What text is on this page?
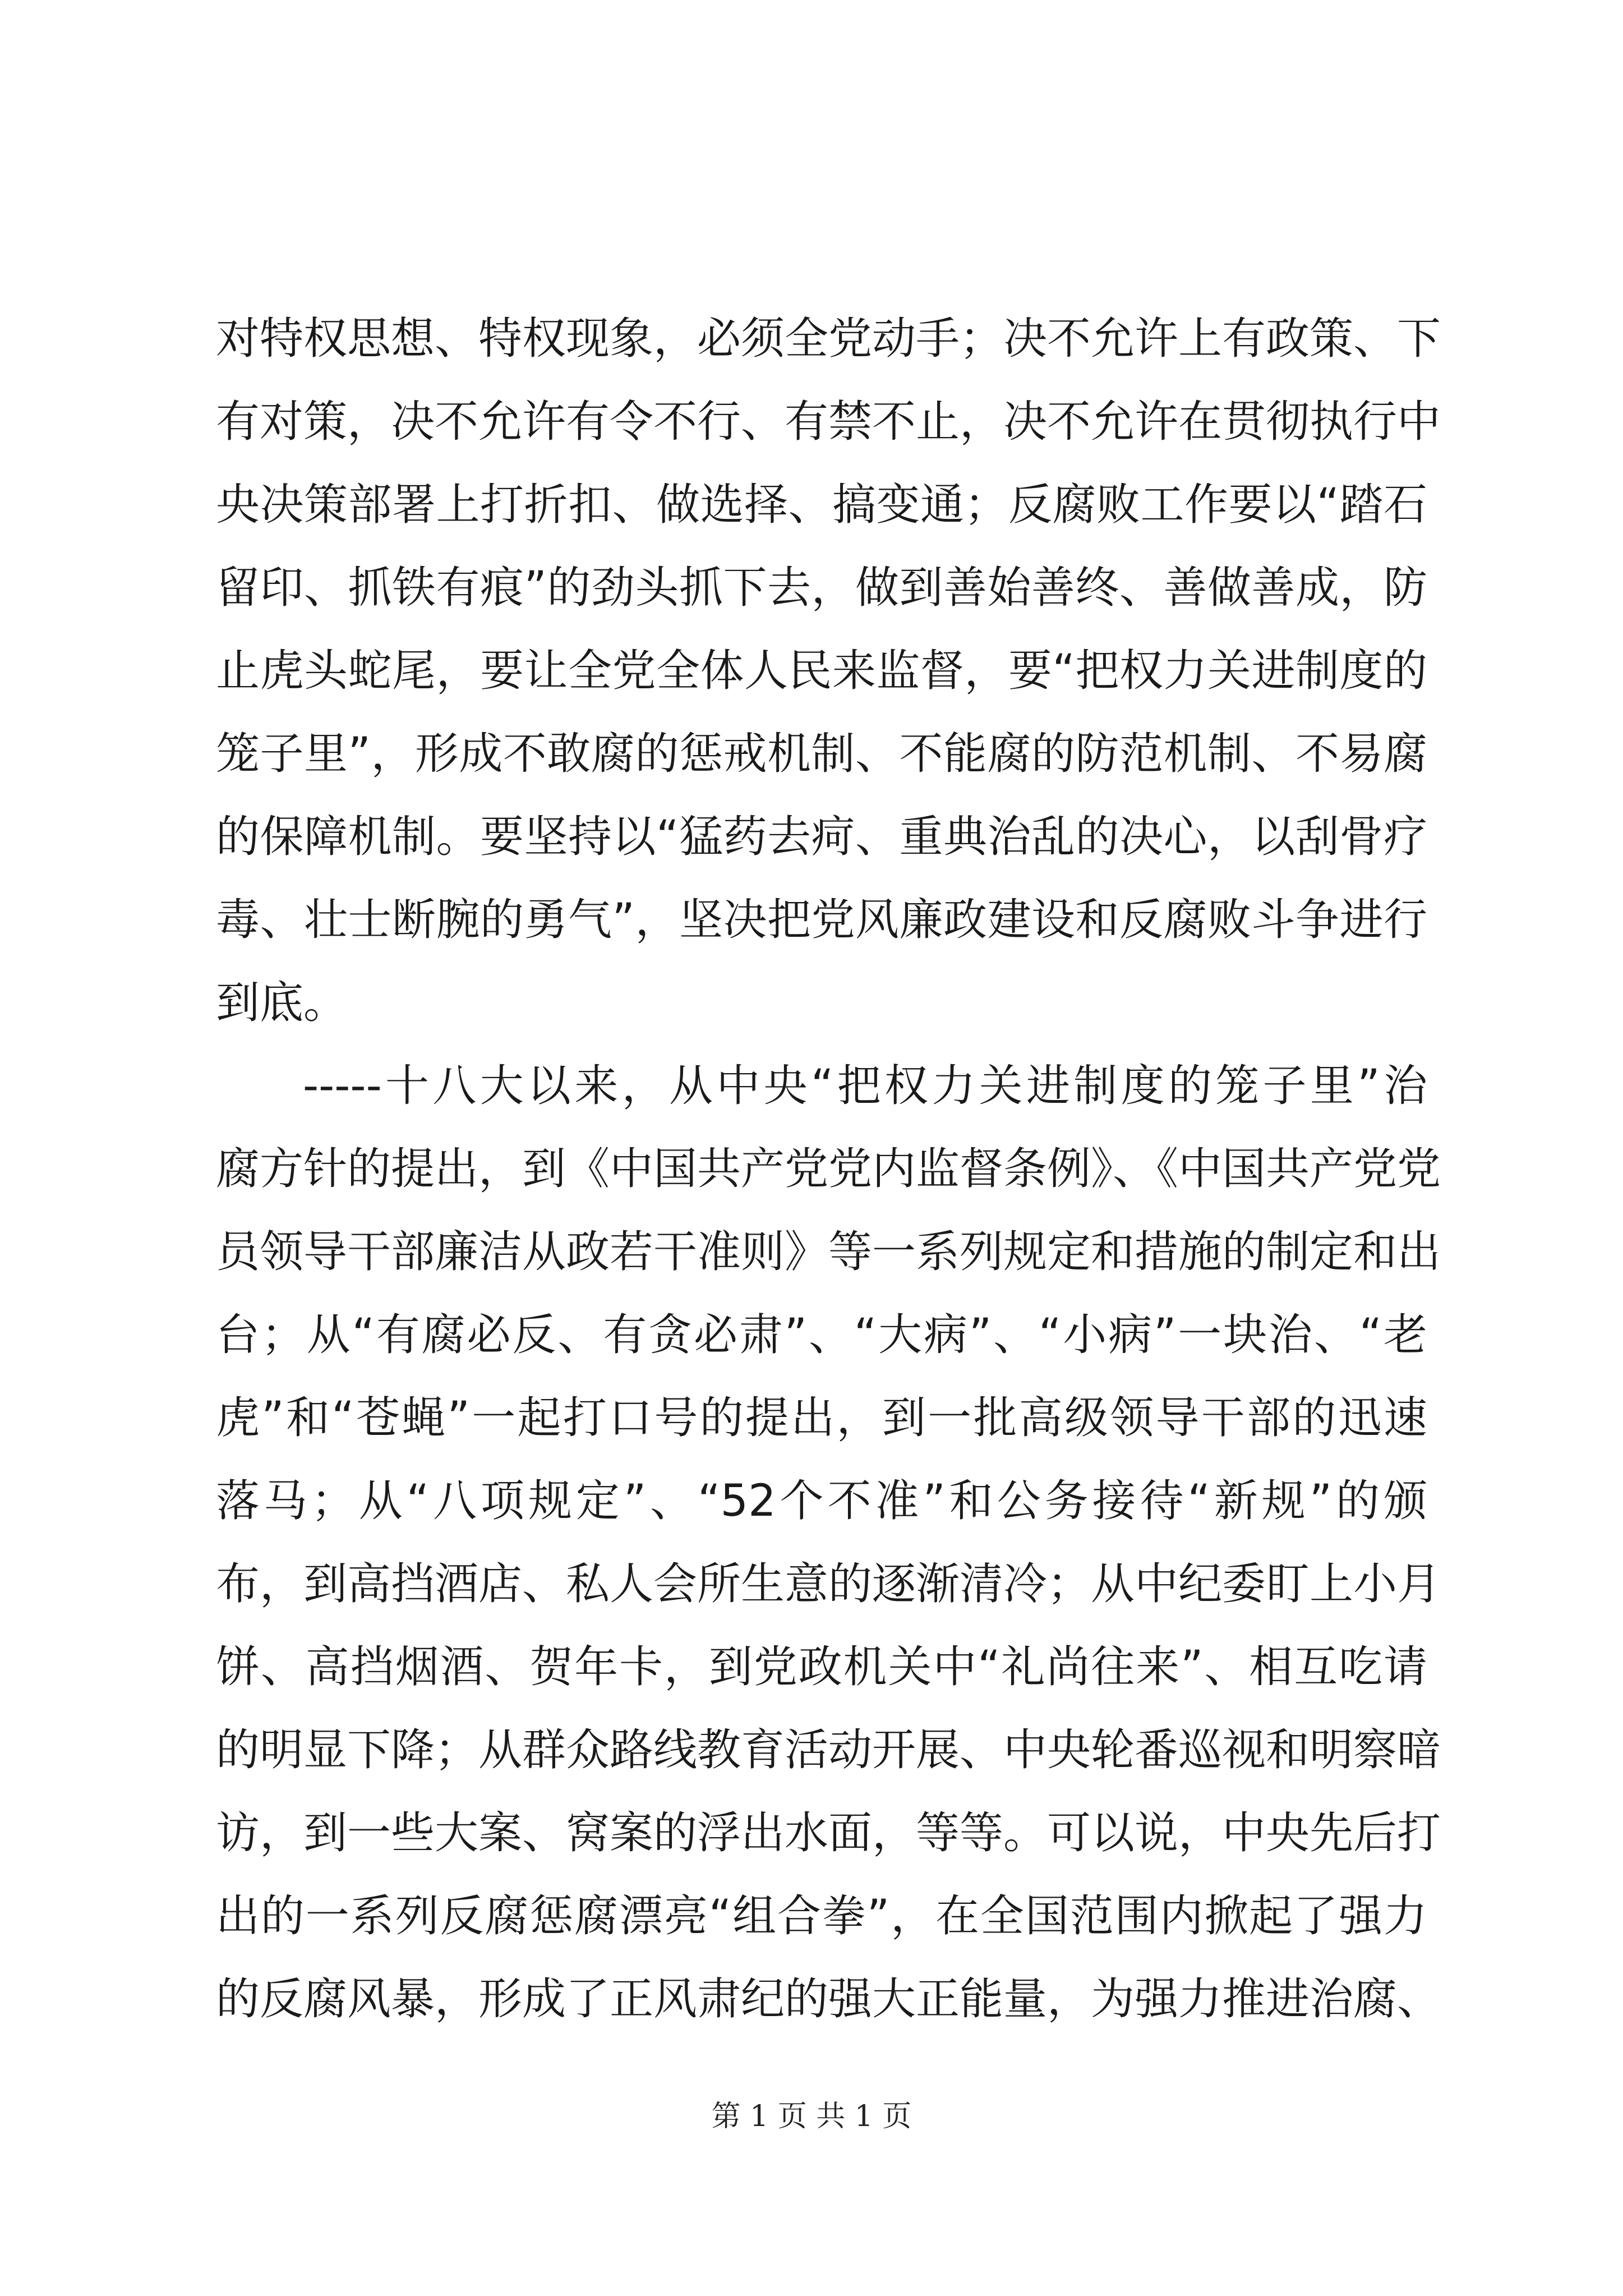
对特权思想、特权现象，必须全党动手；决不允许上有政策、下
有对策，决不允许有令不行、有禁不止，决不允许在贯彻执行中
央决策部署上打折扣、做选择、搞变通；反腐败工作要以“踏石
留印、抓铁有痕”的劲头抓下去，做到善始善终、善做善成，防
止虎头蛇尾，要让全党全体人民来监督，要“把权力关进制度的
笼子里”，形成不敢腐的惩戒机制、不能腐的防范机制、不易腐
的保障机制。要坚持以“猛药去疴、重典治乱的决心，以刮骨疗
毒、壮士断腕的勇气”，坚决把党风廉政建设和反腐败斗争进行
到底。
-----十八大以来，从中央“把权力关进制度的笼子里”治
腐方针的提出，到《中国共产党党内监督条例》、《中国共产党党
员领导干部廉洁从政若干准则》等一系列规定和措施的制定和出
台；从“有腐必反、有贪必肃”、“大病”、“小病”一块治、“老
虎”和“苍蝇”一起打口号的提出，到一批高级领导干部的迅速
落马；从“八项规定”、“52个不准”和公务接待“新规”的颁
布，到高挡酒店、私人会所生意的逐渐清冷；从中纪委盯上小月
饼、高挡烟酒、贺年卡，到党政机关中“礼尚往来”、相互吃请
的明显下降；从群众路线教育活动开展、中央轮番巡视和明察暗
访，到一些大案、窝案的浮出水面，等等。可以说，中央先后打
出的一系列反腐惩腐漂亮“组合拳”，在全国范围内掀起了强力
的反腐风暴，形成了正风肃纪的强大正能量，为强力推进治腐、
第 1 页 共 1 页
